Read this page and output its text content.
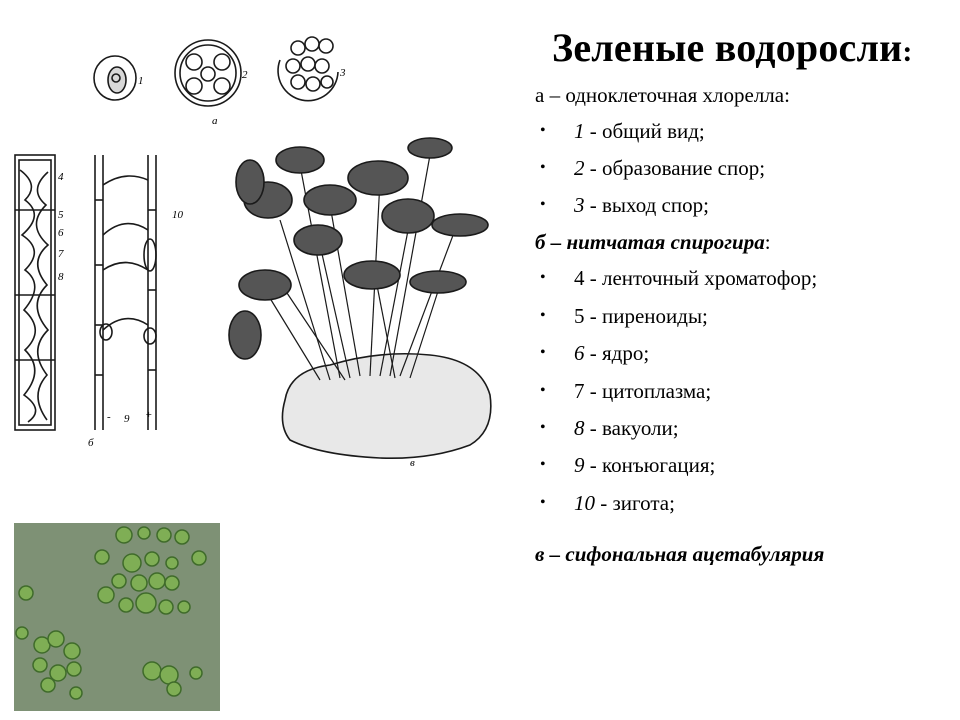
Зеленые водоросли:
а – одноклеточная хлорелла:
• 1 - общий вид;
• 2 - образование спор;
• 3 - выход спор;
б – нитчатая спирогира:
• 4 - ленточный хроматофор;
• 5 - пиреноиды;
• 6 - ядро;
• 7 - цитоплазма;
• 8 - вакуоли;
• 9 - конъюгация;
• 10 - зигота;
в – сифональная ацетабулярия
1	2	3
а
4
5
6
7
8
10
- 9 +
б
в
